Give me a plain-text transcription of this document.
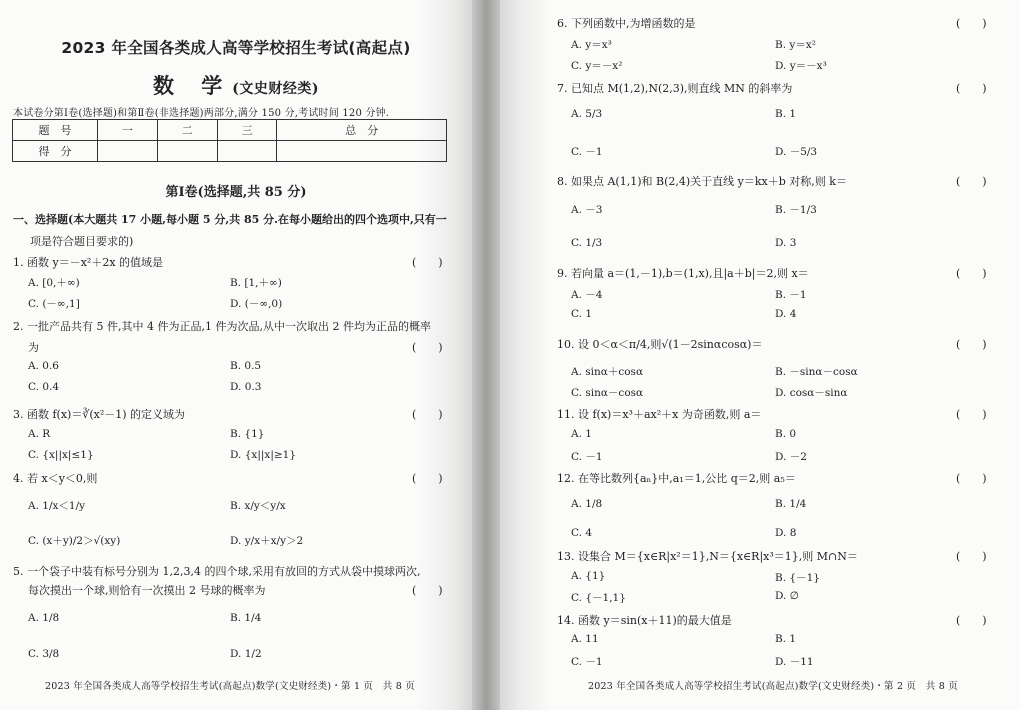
2023 年全国各类成人高等学校招生考试(高起点)
数 学(文史财经类)
本试卷分第Ⅰ卷(选择题)和第Ⅱ卷(非选择题)两部分,满分 150 分,考试时间 120 分钟.
题　号	一	二	三	总　分
得　分				
第Ⅰ卷(选择题,共 85 分)
一、选择题(本大题共 17 小题,每小题 5 分,共 85 分.在每小题给出的四个选项中,只有一
项是符合题目要求的)
1. 函数 y＝－x²＋2x 的值域是	(　　)
A. [0,＋∞)	B. [1,＋∞)
C. (－∞,1]	D. (－∞,0)
2. 一批产品共有 5 件,其中 4 件为正品,1 件为次品,从中一次取出 2 件均为正品的概率
为	(　　)
A. 0.6	B. 0.5
C. 0.4	D. 0.3
3. 函数 f(x)＝∛(x²－1) 的定义域为	(　　)
A. R	B. {1}
C. {x||x|≤1}	D. {x||x|≥1}
4. 若 x＜y＜0,则	(　　)
A. 1/x＜1/y	B. x/y＜y/x
C. (x＋y)/2＞√(xy)	D. y/x＋x/y＞2
5. 一个袋子中装有标号分别为 1,2,3,4 的四个球,采用有放回的方式从袋中摸球两次,
(　　)
每次摸出一个球,则恰有一次摸出 2 号球的概率为
A. 1/8	B. 1/4
C. 3/8	D. 1/2
2023 年全国各类成人高等学校招生考试(高起点)数学(文史财经类)・第 1 页　共 8 页
6. 下列函数中,为增函数的是	(　　)
A. y＝x³	B. y＝x²
C. y＝－x²	D. y＝－x³
7. 已知点 M(1,2),N(2,3),则直线 MN 的斜率为	(　　)
A. 5/3	B. 1
C. －1	D. －5/3
8. 如果点 A(1,1)和 B(2,4)关于直线 y＝kx＋b 对称,则 k＝	(　　)
A. －3	B. －1/3
C. 1/3	D. 3
9. 若向量 a＝(1,－1),b＝(1,x),且|a＋b|＝2,则 x＝	(　　)
A. －4	B. －1
C. 1	D. 4
10. 设 0＜α＜π/4,则√(1－2sinαcosα)＝	(　　)
A. sinα＋cosα	B. －sinα－cosα
C. sinα－cosα	D. cosα－sinα
11. 设 f(x)＝x³＋ax²＋x 为奇函数,则 a＝	(　　)
A. 1	B. 0
C. －1	D. －2
12. 在等比数列{aₙ}中,a₁＝1,公比 q＝2,则 a₅＝	(　　)
A. 1/8	B. 1/4
C. 4	D. 8
13. 设集合 M＝{x∈R|x²＝1},N＝{x∈R|x³＝1},则 M∩N＝	(　　)
A. {1}	B. {－1}
C. {－1,1}	D. ∅
14. 函数 y＝sin(x＋11)的最大值是	(　　)
A. 11	B. 1
C. －1	D. －11
2023 年全国各类成人高等学校招生考试(高起点)数学(文史财经类)・第 2 页　共 8 页
